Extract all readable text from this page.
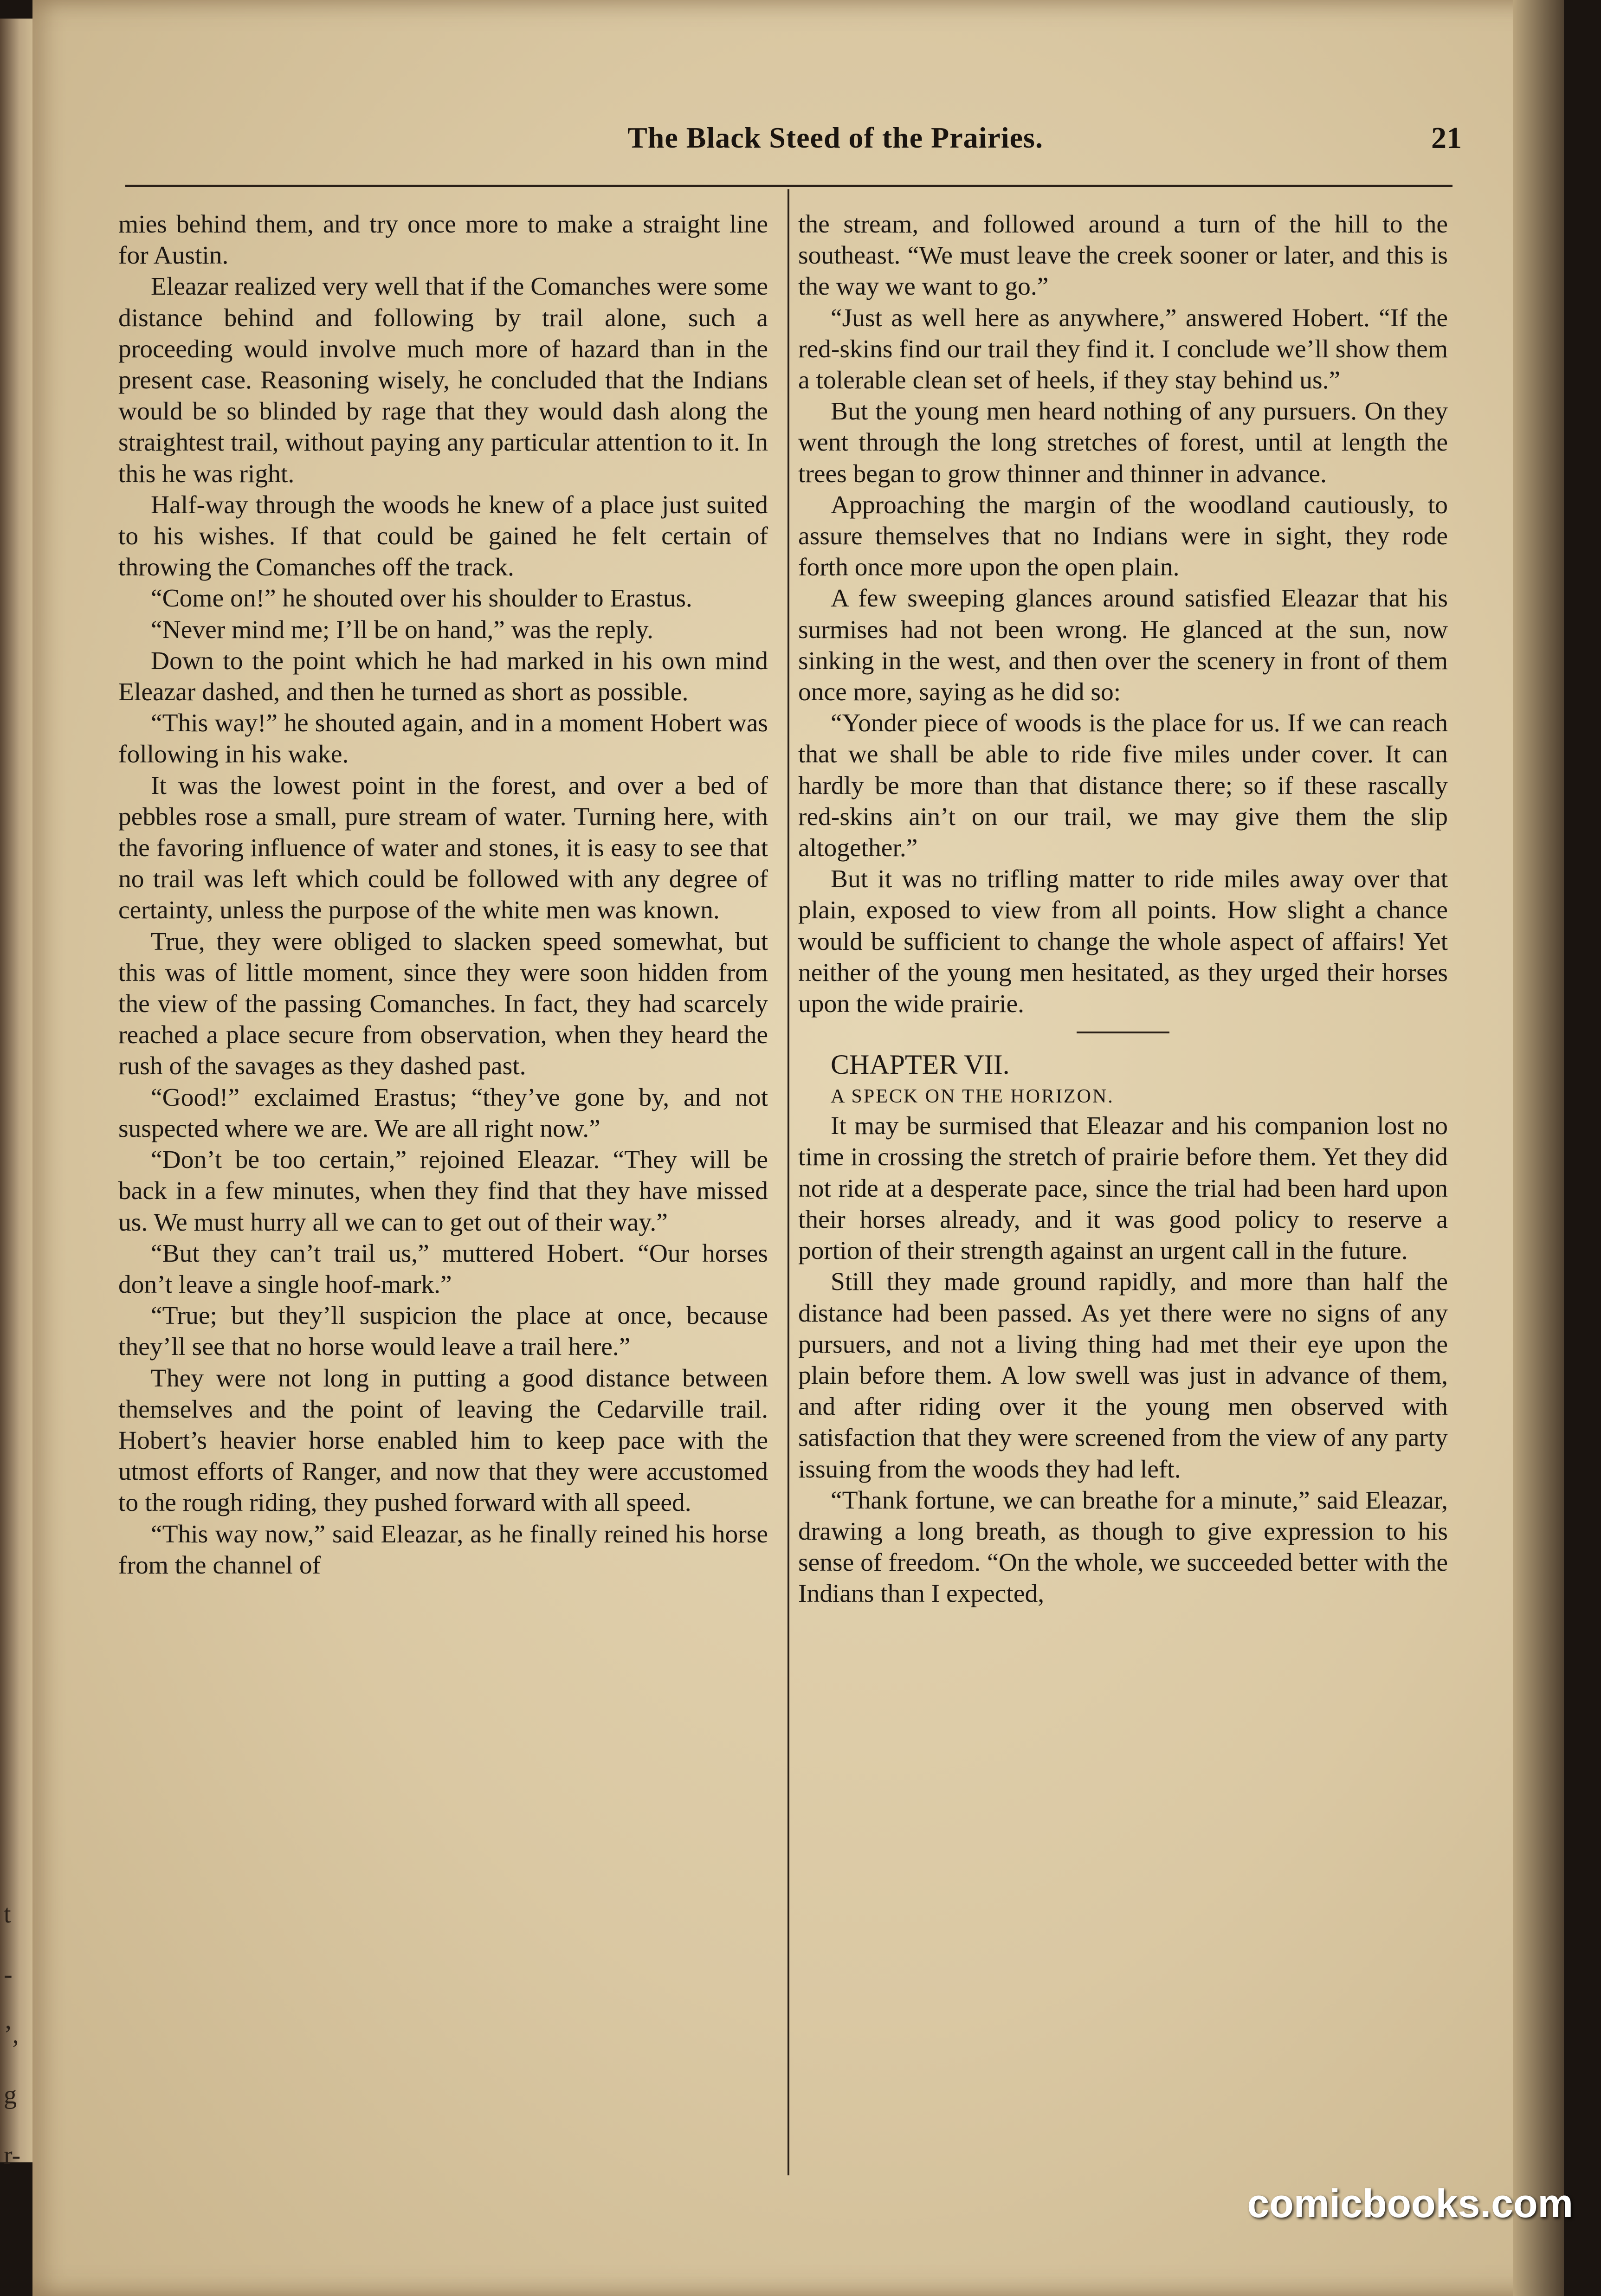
t
-
’,
g
r-
The Black Steed of the Prairies.	21

mies behind them, and try once more to make a straight line for Austin.

Eleazar realized very well that if the Comanches were some distance behind and following by trail alone, such a proceeding would involve much more of hazard than in the present case. Reasoning wisely, he concluded that the Indians would be so blinded by rage that they would dash along the straightest trail, without paying any particular attention to it. In this he was right.

Half-way through the woods he knew of a place just suited to his wishes. If that could be gained he felt certain of throwing the Comanches off the track.

“Come on!” he shouted over his shoulder to Erastus.

“Never mind me; I’ll be on hand,” was the reply.

Down to the point which he had marked in his own mind Eleazar dashed, and then he turned as short as possible.

“This way!” he shouted again, and in a moment Hobert was following in his wake.

It was the lowest point in the forest, and over a bed of pebbles rose a small, pure stream of water. Turning here, with the favoring influence of water and stones, it is easy to see that no trail was left which could be followed with any degree of certainty, unless the purpose of the white men was known.

True, they were obliged to slacken speed somewhat, but this was of little moment, since they were soon hidden from the view of the passing Comanches. In fact, they had scarcely reached a place secure from observation, when they heard the rush of the savages as they dashed past.

“Good!” exclaimed Erastus; “they’ve gone by, and not suspected where we are. We are all right now.”

“Don’t be too certain,” rejoined Eleazar. “They will be back in a few minutes, when they find that they have missed us. We must hurry all we can to get out of their way.”

“But they can’t trail us,” muttered Hobert. “Our horses don’t leave a single hoof-mark.”

“True; but they’ll suspicion the place at once, because they’ll see that no horse would leave a trail here.”

They were not long in putting a good distance between themselves and the point of leaving the Cedarville trail. Hobert’s heavier horse enabled him to keep pace with the utmost efforts of Ranger, and now that they were accustomed to the rough riding, they pushed forward with all speed.

“This way now,” said Eleazar, as he finally reined his horse from the channel of

the stream, and followed around a turn of the hill to the southeast. “We must leave the creek sooner or later, and this is the way we want to go.”

“Just as well here as anywhere,” answered Hobert. “If the red-skins find our trail they find it. I conclude we’ll show them a tolerable clean set of heels, if they stay behind us.”

But the young men heard nothing of any pursuers. On they went through the long stretches of forest, until at length the trees began to grow thinner and thinner in advance.

Approaching the margin of the woodland cautiously, to assure themselves that no Indians were in sight, they rode forth once more upon the open plain.

A few sweeping glances around satisfied Eleazar that his surmises had not been wrong. He glanced at the sun, now sinking in the west, and then over the scenery in front of them once more, saying as he did so:

“Yonder piece of woods is the place for us. If we can reach that we shall be able to ride five miles under cover. It can hardly be more than that distance there; so if these rascally red-skins ain’t on our trail, we may give them the slip altogether.”

But it was no trifling matter to ride miles away over that plain, exposed to view from all points. How slight a chance would be sufficient to change the whole aspect of affairs! Yet neither of the young men hesitated, as they urged their horses upon the wide prairie.

CHAPTER VII.

A SPECK ON THE HORIZON.

It may be surmised that Eleazar and his companion lost no time in crossing the stretch of prairie before them. Yet they did not ride at a desperate pace, since the trial had been hard upon their horses already, and it was good policy to reserve a portion of their strength against an urgent call in the future.

Still they made ground rapidly, and more than half the distance had been passed. As yet there were no signs of any pursuers, and not a living thing had met their eye upon the plain before them. A low swell was just in advance of them, and after riding over it the young men observed with satisfaction that they were screened from the view of any party issuing from the woods they had left.

“Thank fortune, we can breathe for a minute,” said Eleazar, drawing a long breath, as though to give expression to his sense of freedom. “On the whole, we succeeded better with the Indians than I expected,

comicbooks.com
